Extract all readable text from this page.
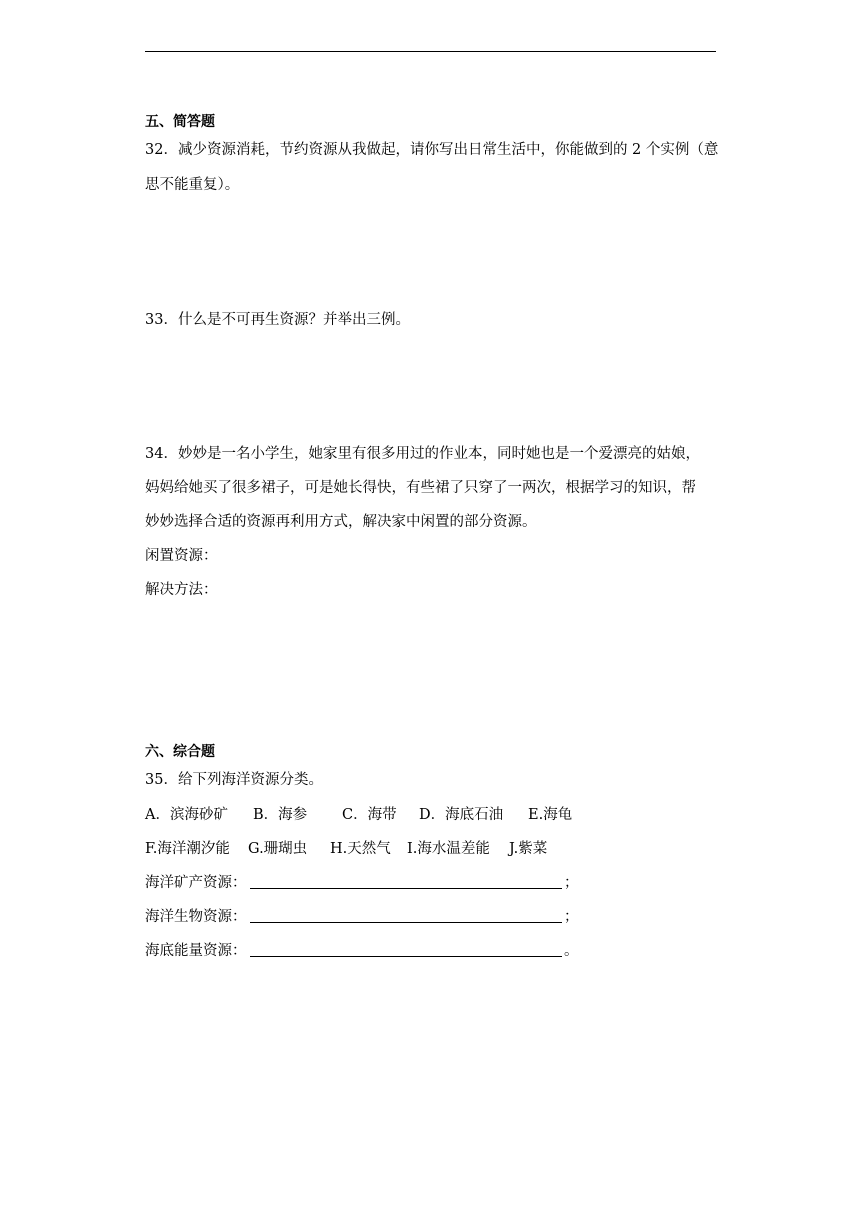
五、简答题
32．减少资源消耗，节约资源从我做起，请你写出日常生活中，你能做到的 2 个实例（意
思不能重复）。
33．什么是不可再生资源？并举出三例。
34．妙妙是一名小学生，她家里有很多用过的作业本，同时她也是一个爱漂亮的姑娘，
妈妈给她买了很多裙子，可是她长得快，有些裙了只穿了一两次，根据学习的知识，帮
妙妙选择合适的资源再利用方式，解决家中闲置的部分资源。
闲置资源：
解决方法：
六、综合题
35．给下列海洋资源分类。
A．滨海砂矿 B．海参 C．海带 D．海底石油 E.海龟
F.海洋潮汐能 G.珊瑚虫 H.天然气 I.海水温差能 J.紫菜
海洋矿产资源：	；
海洋生物资源：	；
海底能量资源：	。
